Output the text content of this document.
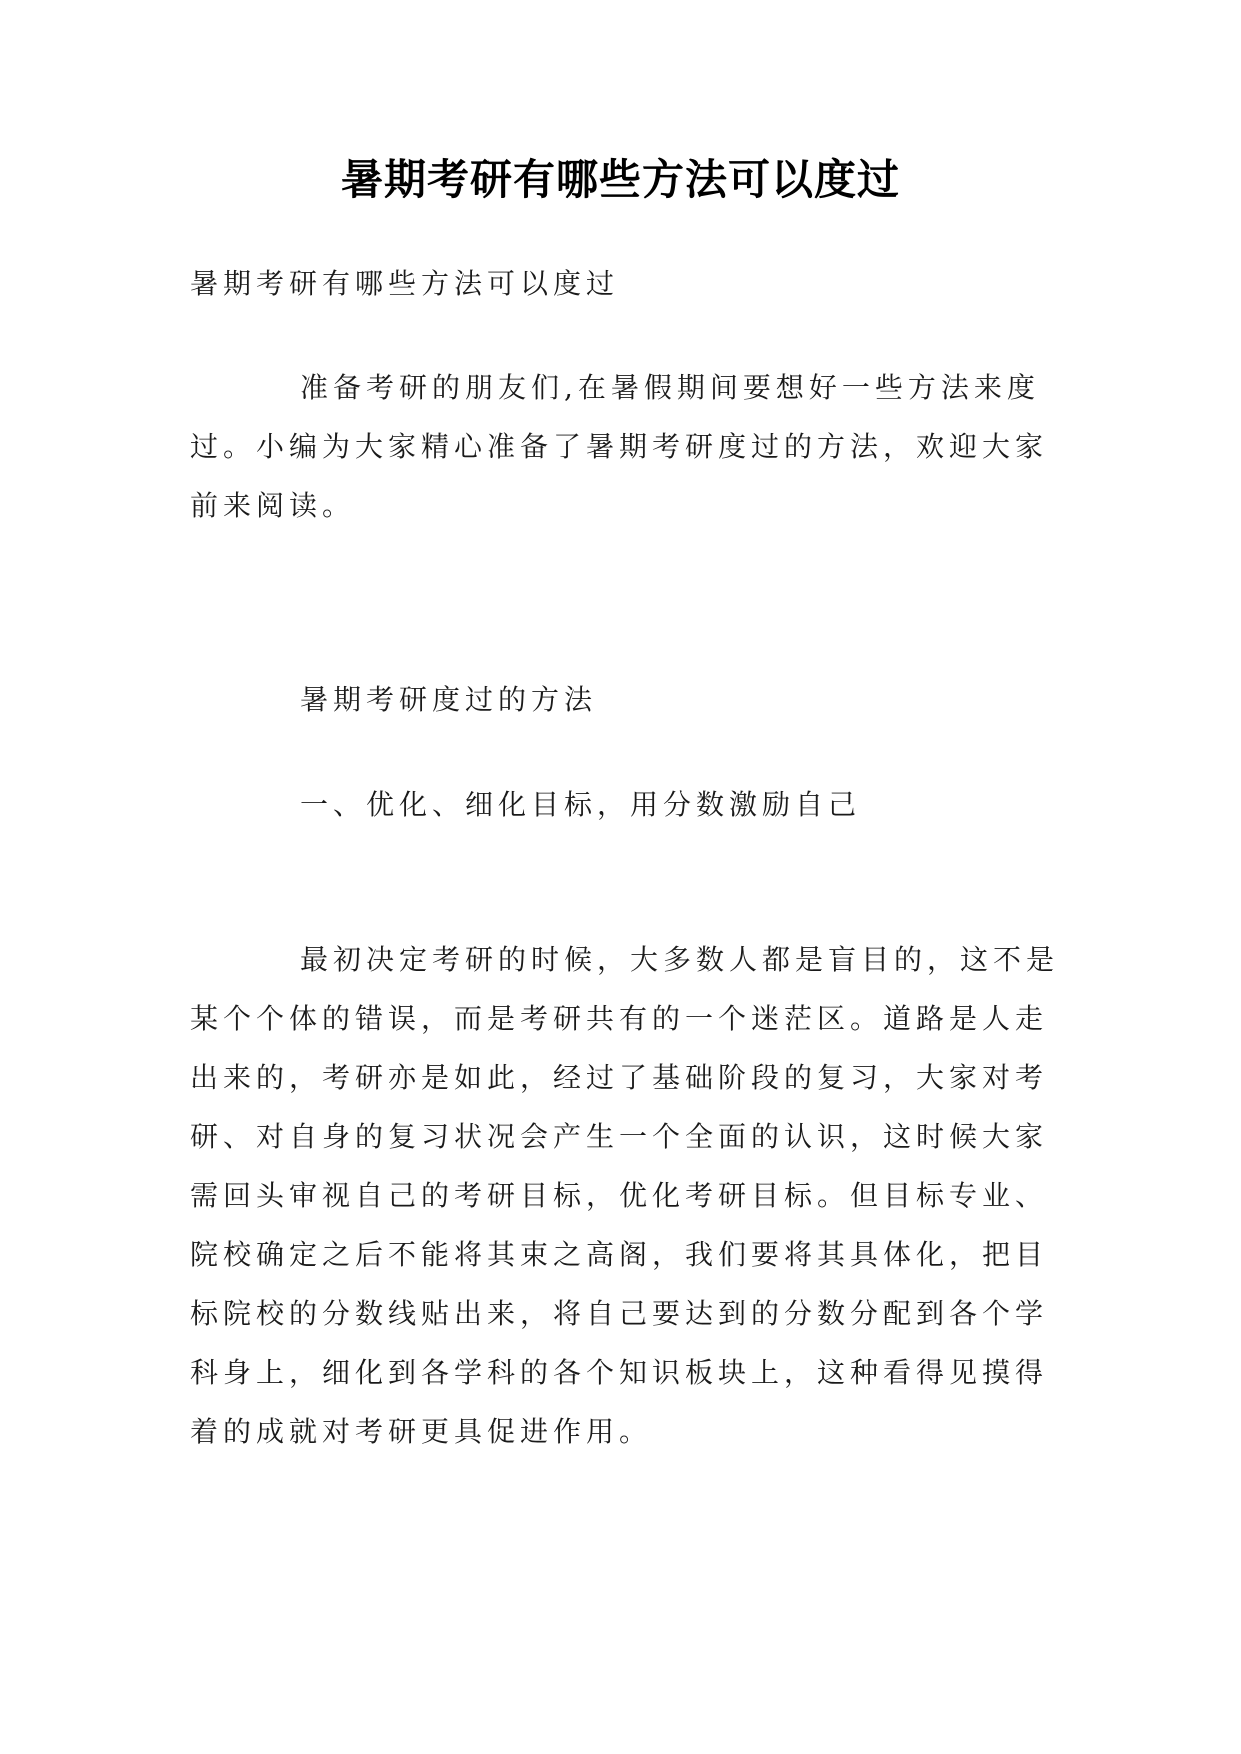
暑期考研有哪些方法可以度过
暑期考研有哪些方法可以度过
准备考研的朋友们,在暑假期间要想好一些方法来度
过。小编为大家精心准备了暑期考研度过的方法，欢迎大家
前来阅读。
暑期考研度过的方法
一、优化、细化目标，用分数激励自己
最初决定考研的时候，大多数人都是盲目的，这不是
某个个体的错误，而是考研共有的一个迷茫区。道路是人走
出来的，考研亦是如此，经过了基础阶段的复习，大家对考
研、对自身的复习状况会产生一个全面的认识，这时候大家
需回头审视自己的考研目标，优化考研目标。但目标专业、
院校确定之后不能将其束之高阁，我们要将其具体化，把目
标院校的分数线贴出来，将自己要达到的分数分配到各个学
科身上，细化到各学科的各个知识板块上，这种看得见摸得
着的成就对考研更具促进作用。
